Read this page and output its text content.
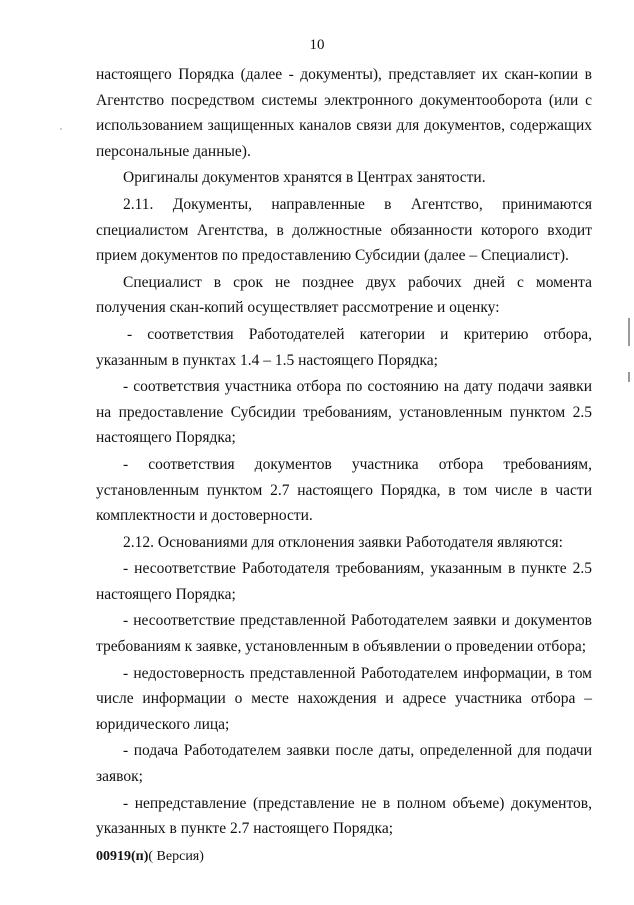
10

настоящего Порядка (далее - документы), представляет их скан-копии в Агентство посредством системы электронного документооборота (или с использованием защищенных каналов связи для документов, содержащих персональные данные).

Оригиналы документов хранятся в Центрах занятости.

2.11. Документы, направленные в Агентство, принимаются специалистом Агентства, в должностные обязанности которого входит прием документов по предоставлению Субсидии (далее – Специалист).

Специалист в срок не позднее двух рабочих дней с момента получения скан-копий осуществляет рассмотрение и оценку:

- соответствия Работодателей категории и критерию отбора, указанным в пунктах 1.4 – 1.5 настоящего Порядка;

- соответствия участника отбора по состоянию на дату подачи заявки на предоставление Субсидии требованиям, установленным пунктом 2.5 настоящего Порядка;

- соответствия документов участника отбора требованиям, установленным пунктом 2.7 настоящего Порядка, в том числе в части комплектности и достоверности.

2.12. Основаниями для отклонения заявки Работодателя являются:

- несоответствие Работодателя требованиям, указанным в пункте 2.5 настоящего Порядка;

- несоответствие представленной Работодателем заявки и документов требованиям к заявке, установленным в объявлении о проведении отбора;

- недостоверность представленной Работодателем информации, в том числе информации о месте нахождения и адресе участника отбора – юридического лица;

- подача Работодателем заявки после даты, определенной для подачи заявок;

- непредставление (представление не в полном объеме) документов, указанных в пункте 2.7 настоящего Порядка;

00919(п)( Версия)
